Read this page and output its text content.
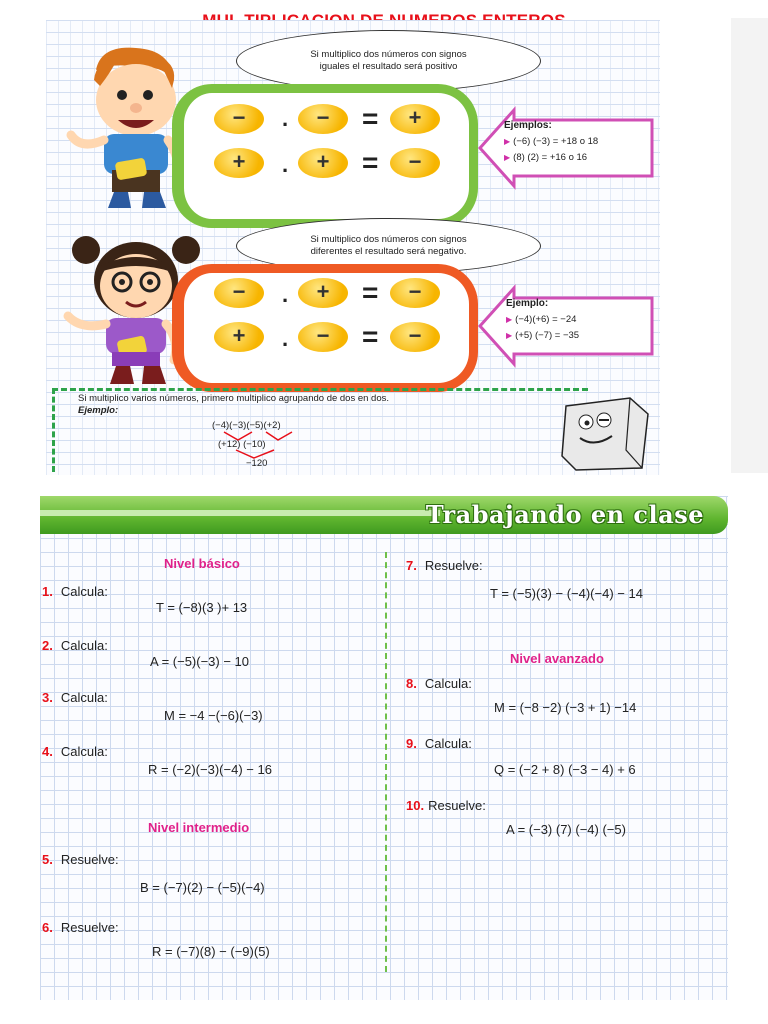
Si multiplico dos números con signos
iguales el resultado será positivo
−	.	−	=	+
+	.	+	=	−
Ejemplos:
▶ (−6) (−3) = +18 o 18
▶ (8) (2) = +16 o 16
Si multiplico dos números con signos
diferentes el resultado será negativo.
−	.	+	=	−
+	.	−	=	−
Ejemplo:
▶ (−4)(+6) = −24
▶ (+5) (−7) = −35
Si multiplico varios números, primero multiplico agrupando de dos en dos.
Ejemplo:
(−4)(−3)(−5)(+2)
(+12) (−10)
−120
Trabajando en clase
Nivel básico
Nivel intermedio
Nivel avanzado
1. Calcula:
T = (−8)(3 )+ 13
2. Calcula:
A = (−5)(−3) − 10
3. Calcula:
M = −4 −(−6)(−3)
4. Calcula:
R = (−2)(−3)(−4) − 16
5. Resuelve:
B = (−7)(2) − (−5)(−4)
6. Resuelve:
R = (−7)(8) − (−9)(5)
7. Resuelve:
T = (−5)(3) − (−4)(−4) − 14
8. Calcula:
M = (−8 −2) (−3 + 1) −14
9. Calcula:
Q = (−2 + 8) (−3 − 4) + 6
10. Resuelve:
A = (−3) (7) (−4) (−5)
